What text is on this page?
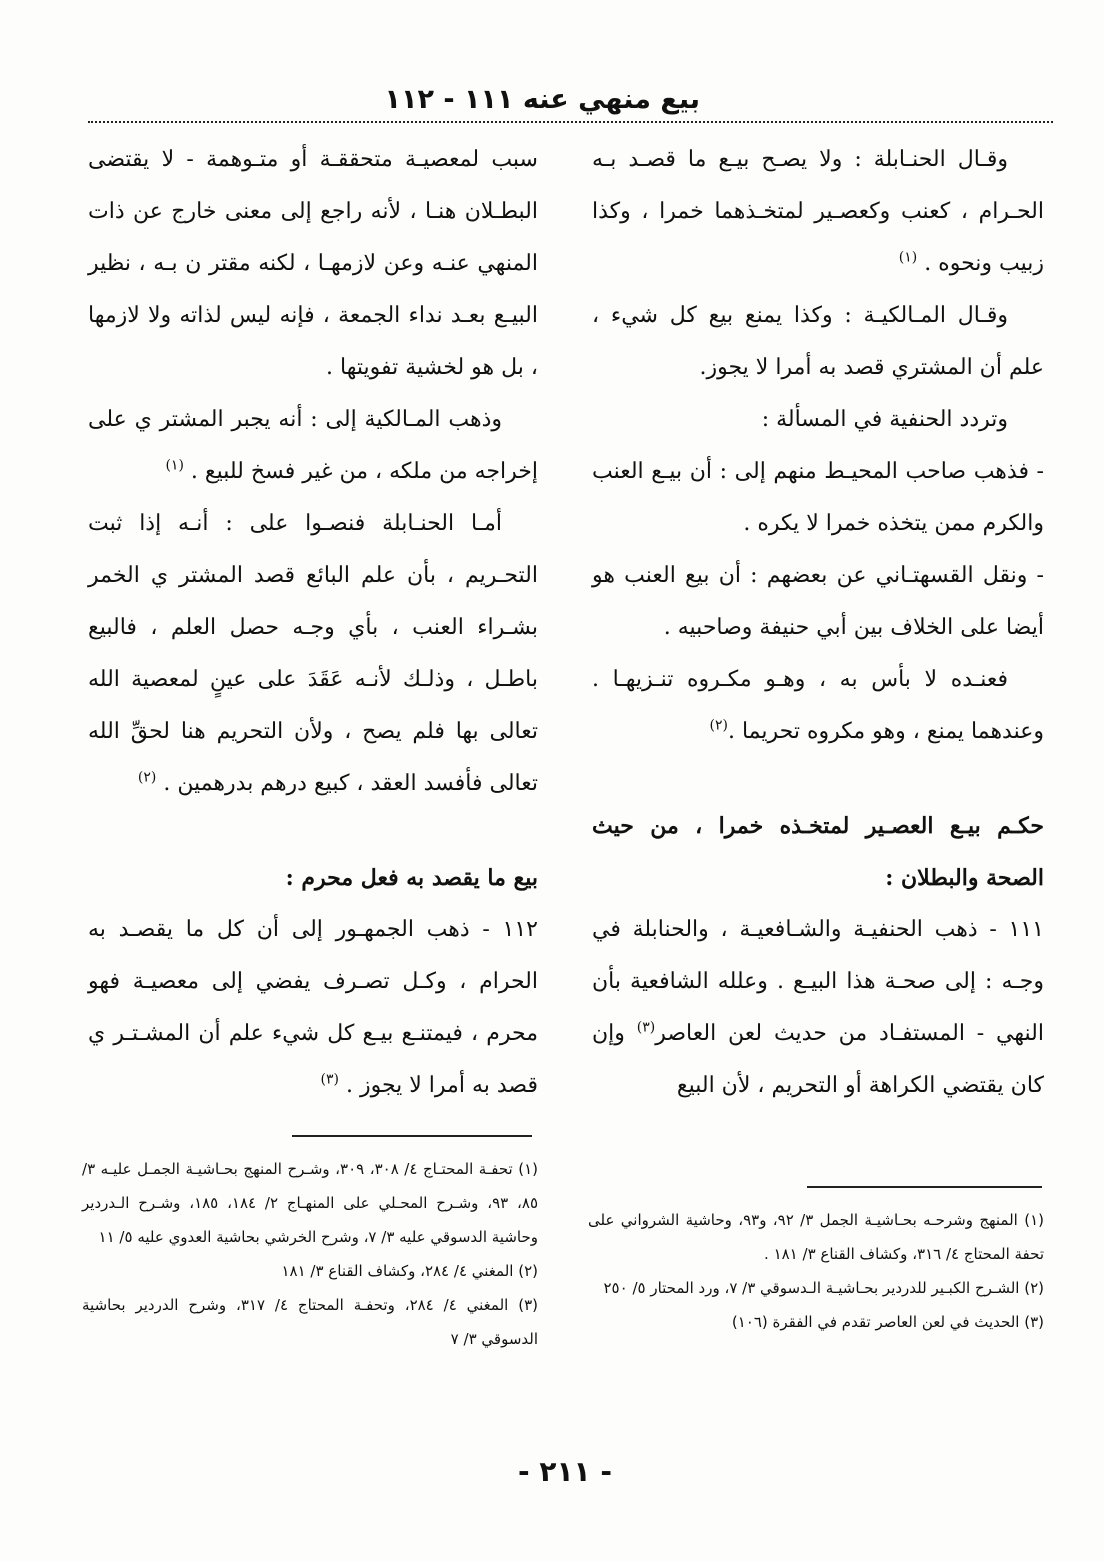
بيع منهي عنه ١١١ - ١١٢

وقـال الحنـابلة : ولا يصـح بيـع ما قصـد بـه الحـرام ، كعنب وكعصـير لمتخـذهما خمرا ، وكذا زبيب ونحوه . $^{(١)}$

وقـال المـالكيـة : وكذا يمنع بيع كل شيء ، علم أن المشتري قصد به أمرا لا يجوز.

وتردد الحنفية في المسألة :

- فذهب صاحب المحيـط منهم إلى : أن بيـع العنب والكرم ممن يتخذه خمرا لا يكره .

- ونقل القسهتـاني عن بعضهم : أن بيع العنب هو أيضا على الخلاف بين أبي حنيفة وصاحبيه .

فعنـده لا بأس به ، وهـو مكـروه تنـزيهـا . وعندهما يمنع ، وهو مكروه تحريما .$^{(٢)}$

حكـم بيـع العصـير لمتخـذه خمرا ، من حيث الصحة والبطلان :

١١١ - ذهب الحنفيـة والشـافعيـة ، والحنابلة في وجـه : إلى صحـة هذا البيـع . وعلله الشافعية بأن النهي - المستفـاد من حديث لعن العاصر$^{(٣)}$ وإن كان يقتضي الكراهة أو التحريم ، لأن البيع

سبب لمعصيـة متحققـة أو متـوهمة - لا يقتضى البطـلان هنـا ، لأنه راجع إلى معنى خارج عن ذات المنهي عنـه وعن لازمهـا ، لكنه مقتر ن بـه ، نظير البيـع بعـد نداء الجمعة ، فإنه ليس لذاته ولا لازمها ، بل هو لخشية تفويتها .

وذهب المـالكية إلى : أنه يجبر المشتر ي على إخراجه من ملكه ، من غير فسخ للبيع . $^{(١)}$

أمـا الحنـابلة فنصـوا على : أنـه إذا ثبت التحـريم ، بأن علم البائع قصد المشتر ي الخمر بشـراء العنب ، بأي وجـه حصل العلم ، فالبيع باطـل ، وذلـك لأنـه عَقَدَ على عينٍ لمعصية الله تعالى بها فلم يصح ، ولأن التحريم هنا لحقِّ الله تعالى فأفسد العقد ، كبيع درهم بدرهمين . $^{(٢)}$

بيع ما يقصد به فعل محرم :

١١٢ - ذهب الجمهـور إلى أن كل ما يقصـد به الحرام ، وكـل تصـرف يفضي إلى معصيـة فهو محرم ، فيمتنـع بيـع كل شيء علم أن المشـتـر ي قصد به أمرا لا يجوز . $^{(٣)}$

(١) المنهج وشرحـه بحـاشيـة الجمل ٣/ ٩٢، و٩٣، وحاشية الشرواني على تحفة المحتاج ٤/ ٣١٦، وكشاف القناع ٣/ ١٨١ .

(٢) الشـرح الكبـير للدردير بحـاشيـة الـدسوقي ٣/ ٧، ورد المحتار ٥/ ٢٥٠

(٣) الحديث في لعن العاصر تقدم في الفقرة (١٠٦)

(١) تحفـة المحتـاج ٤/ ٣٠٨، ٣٠٩، وشـرح المنهج بحـاشيـة الجمـل عليـه ٣/ ٨٥، ٩٣، وشـرح المحـلي على المنهـاج ٢/ ١٨٤، ١٨٥، وشـرح الـدردير وحاشية الدسوقي عليه ٣/ ٧، وشرح الخرشي بحاشية العدوي عليه ٥/ ١١

(٢) المغني ٤/ ٢٨٤، وكشاف القناع ٣/ ١٨١

(٣) المغني ٤/ ٢٨٤، وتحفـة المحتاج ٤/ ٣١٧، وشرح الدردير بحاشية الدسوقي ٣/ ٧

- ٢١١ -
